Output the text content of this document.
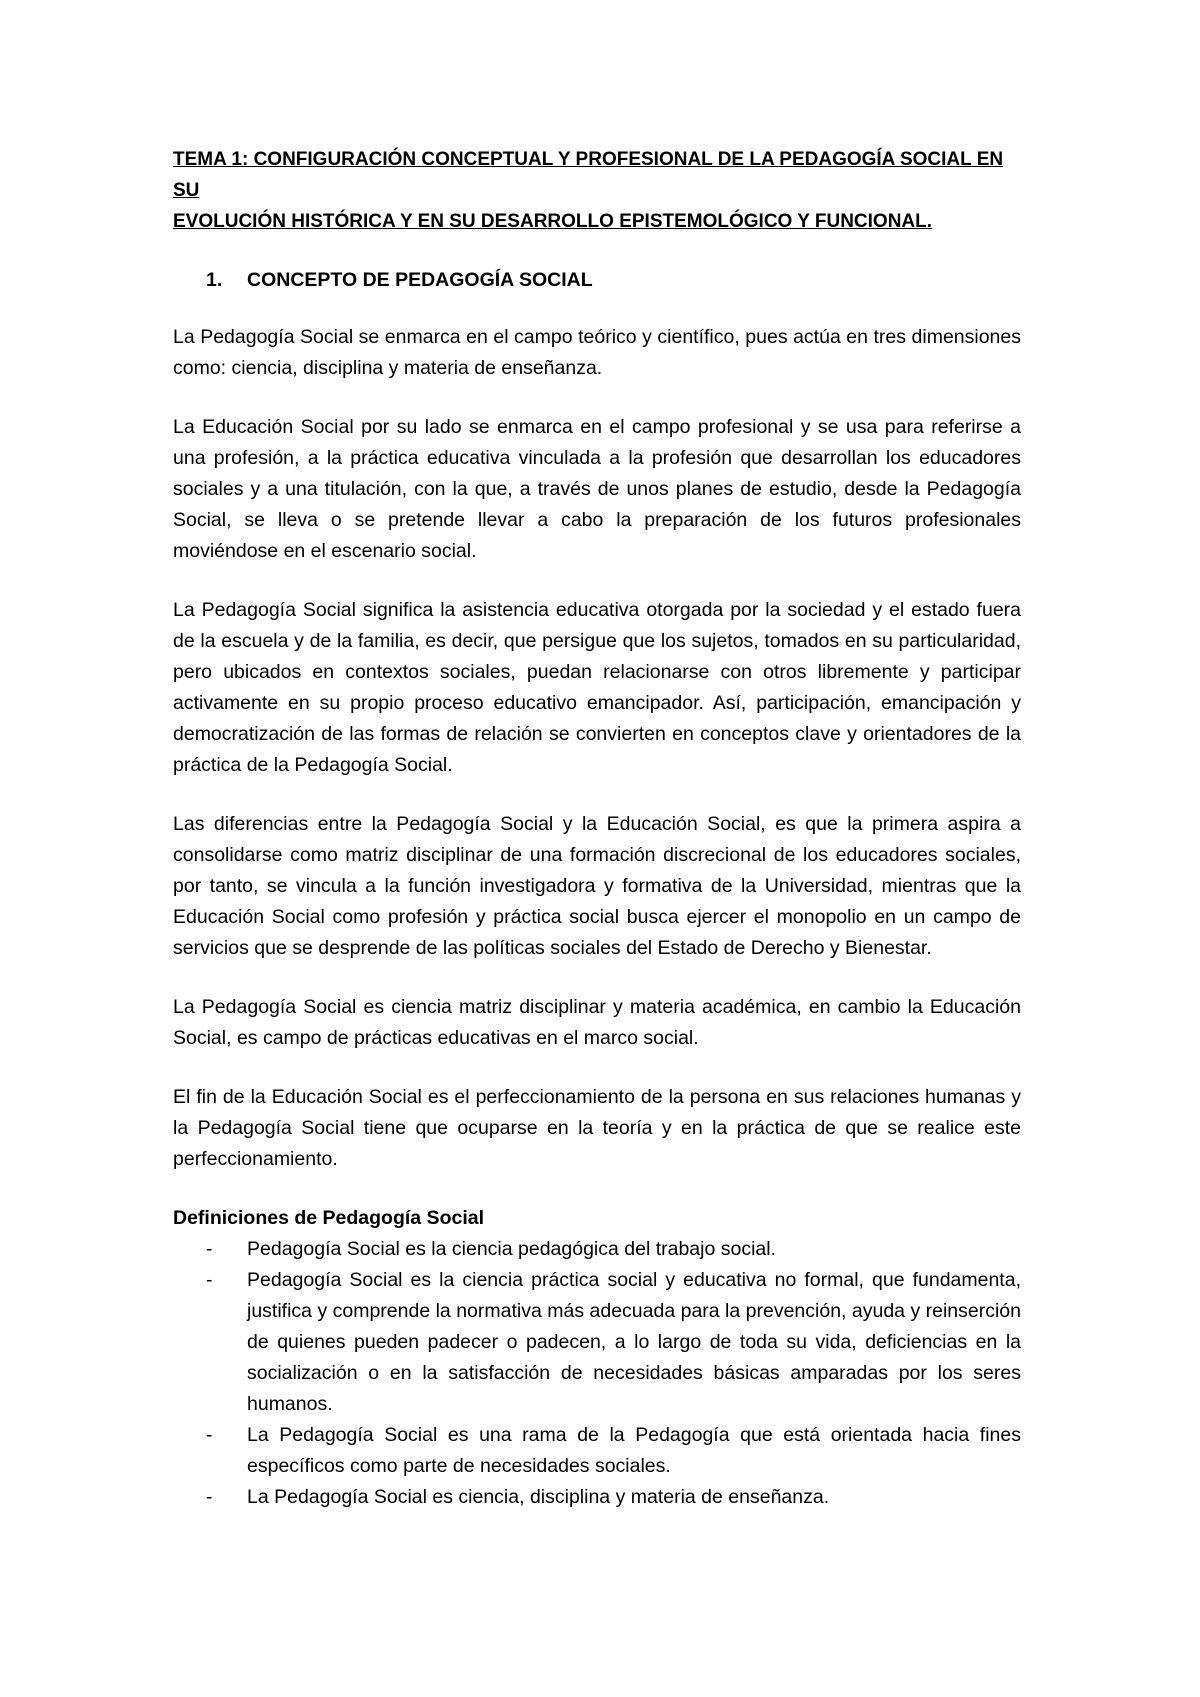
TEMA 1: CONFIGURACIÓN CONCEPTUAL Y PROFESIONAL DE LA PEDAGOGÍA SOCIAL EN SU
EVOLUCIÓN HISTÓRICA Y EN SU DESARROLLO EPISTEMOLÓGICO Y FUNCIONAL.

1.	CONCEPTO DE PEDAGOGÍA SOCIAL

La Pedagogía Social se enmarca en el campo teórico y científico, pues actúa en tres dimensiones como: ciencia, disciplina y materia de enseñanza.

La Educación Social por su lado se enmarca en el campo profesional y se usa para referirse a una profesión, a la práctica educativa vinculada a la profesión que desarrollan los educadores sociales y a una titulación, con la que, a través de unos planes de estudio, desde la Pedagogía Social, se lleva o se pretende llevar a cabo la preparación de los futuros profesionales moviéndose en el escenario social.

La Pedagogía Social significa la asistencia educativa otorgada por la sociedad y el estado fuera de la escuela y de la familia, es decir, que persigue que los sujetos, tomados en su particularidad, pero ubicados en contextos sociales, puedan relacionarse con otros libremente y participar activamente en su propio proceso educativo emancipador. Así, participación, emancipación y democratización de las formas de relación se convierten en conceptos clave y orientadores de la práctica de la Pedagogía Social.

Las diferencias entre la Pedagogía Social y la Educación Social, es que la primera aspira a consolidarse como matriz disciplinar de una formación discrecional de los educadores sociales, por tanto, se vincula a la función investigadora y formativa de la Universidad, mientras que la Educación Social como profesión y práctica social busca ejercer el monopolio en un campo de servicios que se desprende de las políticas sociales del Estado de Derecho y Bienestar.

La Pedagogía Social es ciencia matriz disciplinar y materia académica, en cambio la Educación Social, es campo de prácticas educativas en el marco social.

El fin de la Educación Social es el perfeccionamiento de la persona en sus relaciones humanas y la Pedagogía Social tiene que ocuparse en la teoría y en la práctica de que se realice este perfeccionamiento.

Definiciones de Pedagogía Social
-	Pedagogía Social es la ciencia pedagógica del trabajo social.
-	Pedagogía Social es la ciencia práctica social y educativa no formal, que fundamenta, justifica y comprende la normativa más adecuada para la prevención, ayuda y reinserción de quienes pueden padecer o padecen, a lo largo de toda su vida, deficiencias en la socialización o en la satisfacción de necesidades básicas amparadas por los seres humanos.
-	La Pedagogía Social es una rama de la Pedagogía que está orientada hacia fines específicos como parte de necesidades sociales.
-	La Pedagogía Social es ciencia, disciplina y materia de enseñanza.
